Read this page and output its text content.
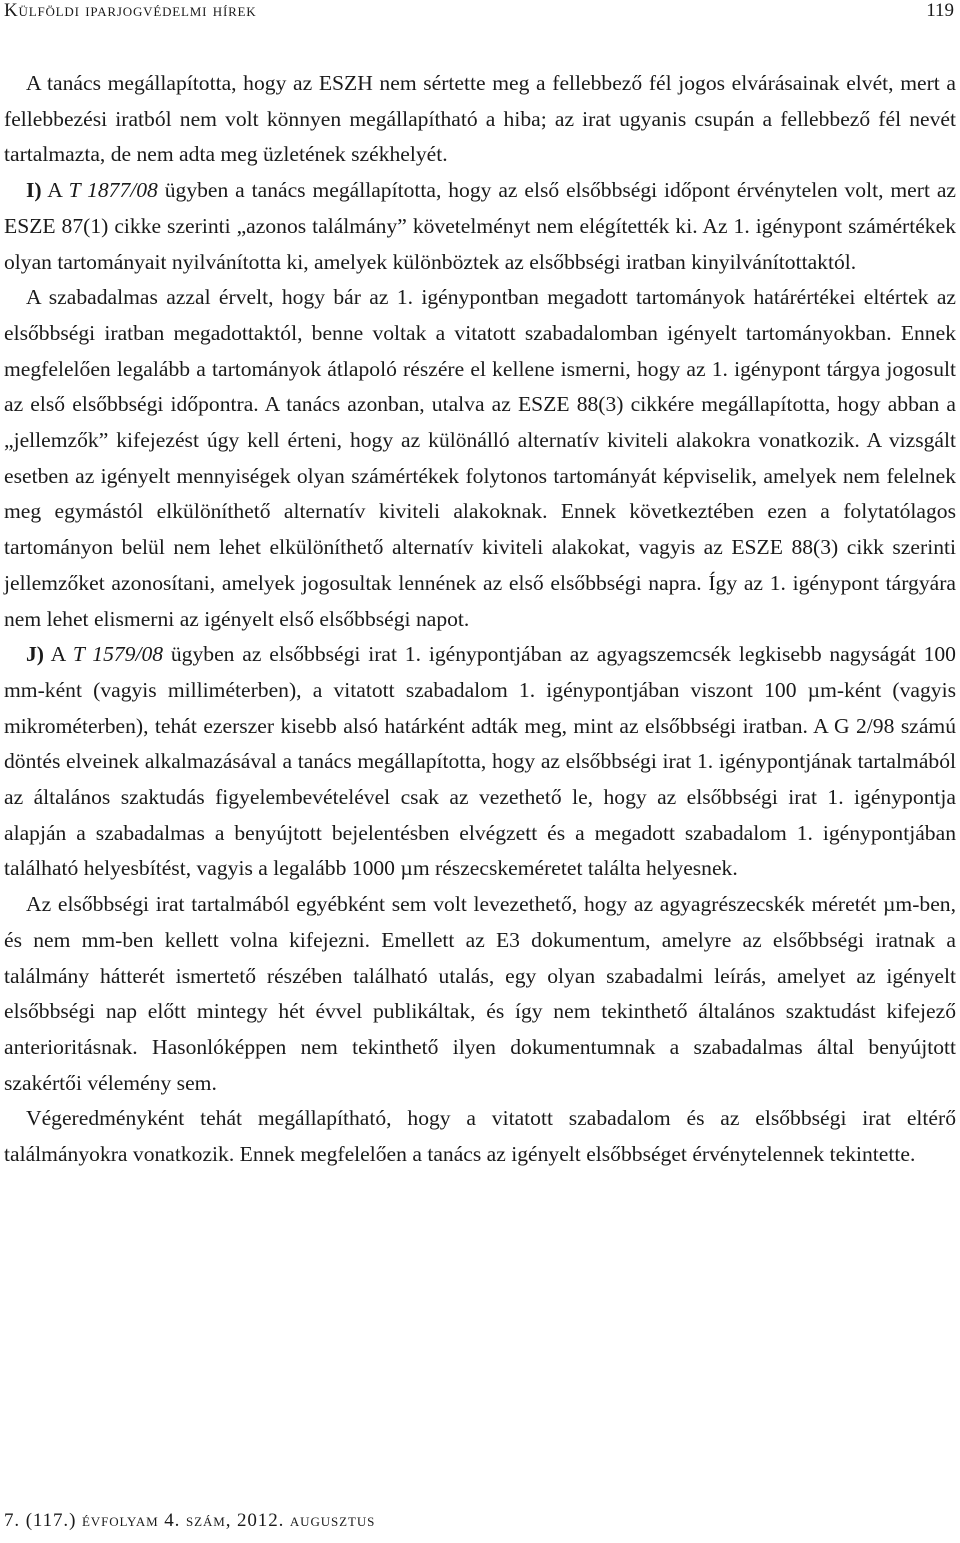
Külföldi iparjogvédelmi hírek	119

A tanács megállapította, hogy az ESZH nem sértette meg a fellebbező fél jogos elvárásainak elvét, mert a fellebbezési iratból nem volt könnyen megállapítható a hiba; az irat ugyanis csupán a fellebbező fél nevét tartalmazta, de nem adta meg üzletének székhelyét.

I) A T 1877/08 ügyben a tanács megállapította, hogy az első elsőbbségi időpont érvénytelen volt, mert az ESZE 87(1) cikke szerinti „azonos találmány” követelményt nem elégítették ki. Az 1. igénypont számértékek olyan tartományait nyilvánította ki, amelyek különböztek az elsőbbségi iratban kinyilvánítottaktól.

A szabadalmas azzal érvelt, hogy bár az 1. igénypontban megadott tartományok határértékei eltértek az elsőbbségi iratban megadottaktól, benne voltak a vitatott szabadalomban igényelt tartományokban. Ennek megfelelően legalább a tartományok átlapoló részére el kellene ismerni, hogy az 1. igénypont tárgya jogosult az első elsőbbségi időpontra. A tanács azonban, utalva az ESZE 88(3) cikkére megállapította, hogy abban a „jellemzők” kifejezést úgy kell érteni, hogy az különálló alternatív kiviteli alakokra vonatkozik. A vizsgált esetben az igényelt mennyiségek olyan számértékek folytonos tartományát képviselik, amelyek nem felelnek meg egymástól elkülöníthető alternatív kiviteli alakoknak. Ennek következtében ezen a folytatólagos tartományon belül nem lehet elkülöníthető alternatív kiviteli alakokat, vagyis az ESZE 88(3) cikk szerinti jellemzőket azonosítani, amelyek jogosultak lennének az első elsőbbségi napra. Így az 1. igénypont tárgyára nem lehet elismerni az igényelt első elsőbbségi napot.

J) A T 1579/08 ügyben az elsőbbségi irat 1. igénypontjában az agyagszemcsék legkisebb nagyságát 100 mm-ként (vagyis milliméterben), a vitatott szabadalom 1. igénypontjában viszont 100 µm-ként (vagyis mikrométerben), tehát ezerszer kisebb alsó határként adták meg, mint az elsőbbségi iratban. A G 2/98 számú döntés elveinek alkalmazásával a tanács megállapította, hogy az elsőbbségi irat 1. igénypontjának tartalmából az általános szaktudás figyelembevételével csak az vezethető le, hogy az elsőbbségi irat 1. igénypontja alapján a szabadalmas a benyújtott bejelentésben elvégzett és a megadott szabadalom 1. igénypontjában található helyesbítést, vagyis a legalább 1000 µm részecskeméretet találta helyesnek.

Az elsőbbségi irat tartalmából egyébként sem volt levezethető, hogy az agyagrészecskék méretét µm-ben, és nem mm-ben kellett volna kifejezni. Emellett az E3 dokumentum, amelyre az elsőbbségi iratnak a találmány hátterét ismertető részében található utalás, egy olyan szabadalmi leírás, amelyet az igényelt elsőbbségi nap előtt mintegy hét évvel publikáltak, és így nem tekinthető általános szaktudást kifejező anterioritásnak. Hasonlóképpen nem tekinthető ilyen dokumentumnak a szabadalmas által benyújtott szakértői vélemény sem.

Végeredményként tehát megállapítható, hogy a vitatott szabadalom és az elsőbbségi irat eltérő találmányokra vonatkozik. Ennek megfelelően a tanács az igényelt elsőbbséget érvénytelennek tekintette.

7. (117.) évfolyam 4. szám, 2012. augusztus
